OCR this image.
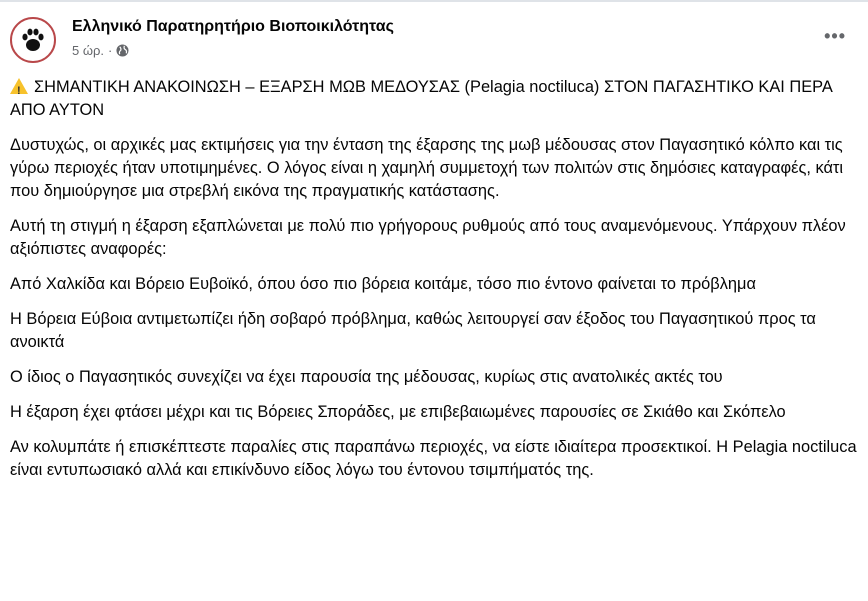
Ελληνικό Παρατηρητήριο Βιοποικιλότητας
5 ώρ. ·
•••

!ΣΗΜΑΝΤΙΚΗ ΑΝΑΚΟΙΝΩΣΗ – ΕΞΑΡΣΗ ΜΩΒ ΜΕΔΟΥΣΑΣ (Pelagia noctiluca) ΣΤΟΝ ΠΑΓΑΣΗΤΙΚΟ ΚΑΙ ΠΕΡΑ ΑΠΟ ΑΥΤΟΝ

Δυστυχώς, οι αρχικές μας εκτιμήσεις για την ένταση της έξαρσης της μωβ μέδουσας στον Παγασητικό κόλπο και τις γύρω περιοχές ήταν υποτιμημένες. Ο λόγος είναι η χαμηλή συμμετοχή των πολιτών στις δημόσιες καταγραφές, κάτι που δημιούργησε μια στρεβλή εικόνα της πραγματικής κατάστασης.

Αυτή τη στιγμή η έξαρση εξαπλώνεται με πολύ πιο γρήγορους ρυθμούς από τους αναμενόμενους. Υπάρχουν πλέον αξιόπιστες αναφορές:

Από Χαλκίδα και Βόρειο Ευβοϊκό, όπου όσο πιο βόρεια κοιτάμε, τόσο πιο έντονο φαίνεται το πρόβλημα

Η Βόρεια Εύβοια αντιμετωπίζει ήδη σοβαρό πρόβλημα, καθώς λειτουργεί σαν έξοδος του Παγασητικού προς τα ανοικτά

Ο ίδιος ο Παγασητικός συνεχίζει να έχει παρουσία της μέδουσας, κυρίως στις ανατολικές ακτές του

Η έξαρση έχει φτάσει μέχρι και τις Βόρειες Σποράδες, με επιβεβαιωμένες παρουσίες σε Σκιάθο και Σκόπελο

Αν κολυμπάτε ή επισκέπτεστε παραλίες στις παραπάνω περιοχές, να είστε ιδιαίτερα προσεκτικοί. Η Pelagia noctiluca είναι εντυπωσιακό αλλά και επικίνδυνο είδος λόγω του έντονου τσιμπήματός της.
